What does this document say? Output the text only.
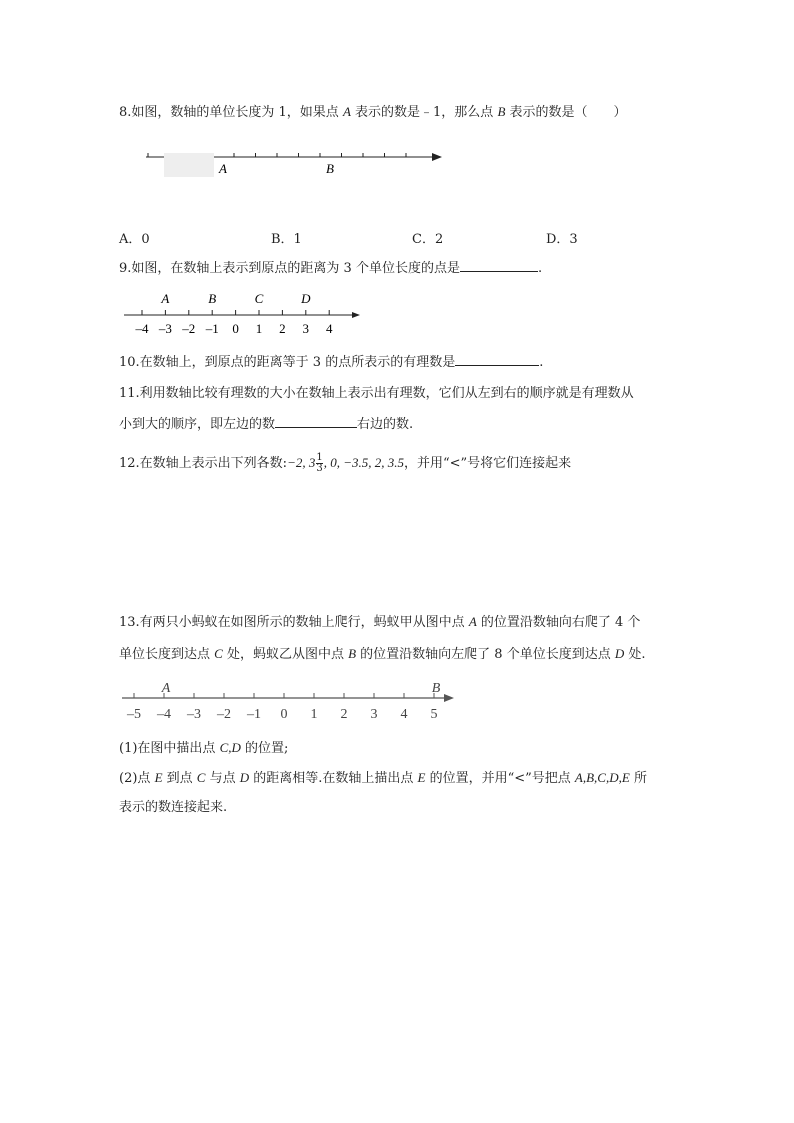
8.如图，数轴的单位长度为 1，如果点 A 表示的数是﹣1，那么点 B 表示的数是（　　）
A	B
A．0	B．1	C．2	D．3
9.如图，在数轴上表示到原点的距离为 3 个单位长度的点是	.
–4 –3 –2 –1 0 1 2 3 4
A	B	C	D
10.在数轴上，到原点的距离等于 3 的点所表示的有理数是	.
11.利用数轴比较有理数的大小在数轴上表示出有理数，它们从左到右的顺序就是有理数从
小到大的顺序，即左边的数	右边的数.
12.在数轴上表示出下列各数:−2, $3 \frac{1}{3}$ , 0, −3.5, 2, 3.5，并用“<”号将它们连接起来
13.有两只小蚂蚁在如图所示的数轴上爬行，蚂蚁甲从图中点 A 的位置沿数轴向右爬了 4 个
单位长度到达点 C 处，蚂蚁乙从图中点 B 的位置沿数轴向左爬了 8 个单位长度到达点 D 处.
–5 –4 –3 –2 –1 0 1 2 3 4 5
A	B
(1)在图中描出点 C,D 的位置;
(2)点 E 到点 C 与点 D 的距离相等.在数轴上描出点 E 的位置，并用“<”号把点 A,B,C,D,E 所
表示的数连接起来.
